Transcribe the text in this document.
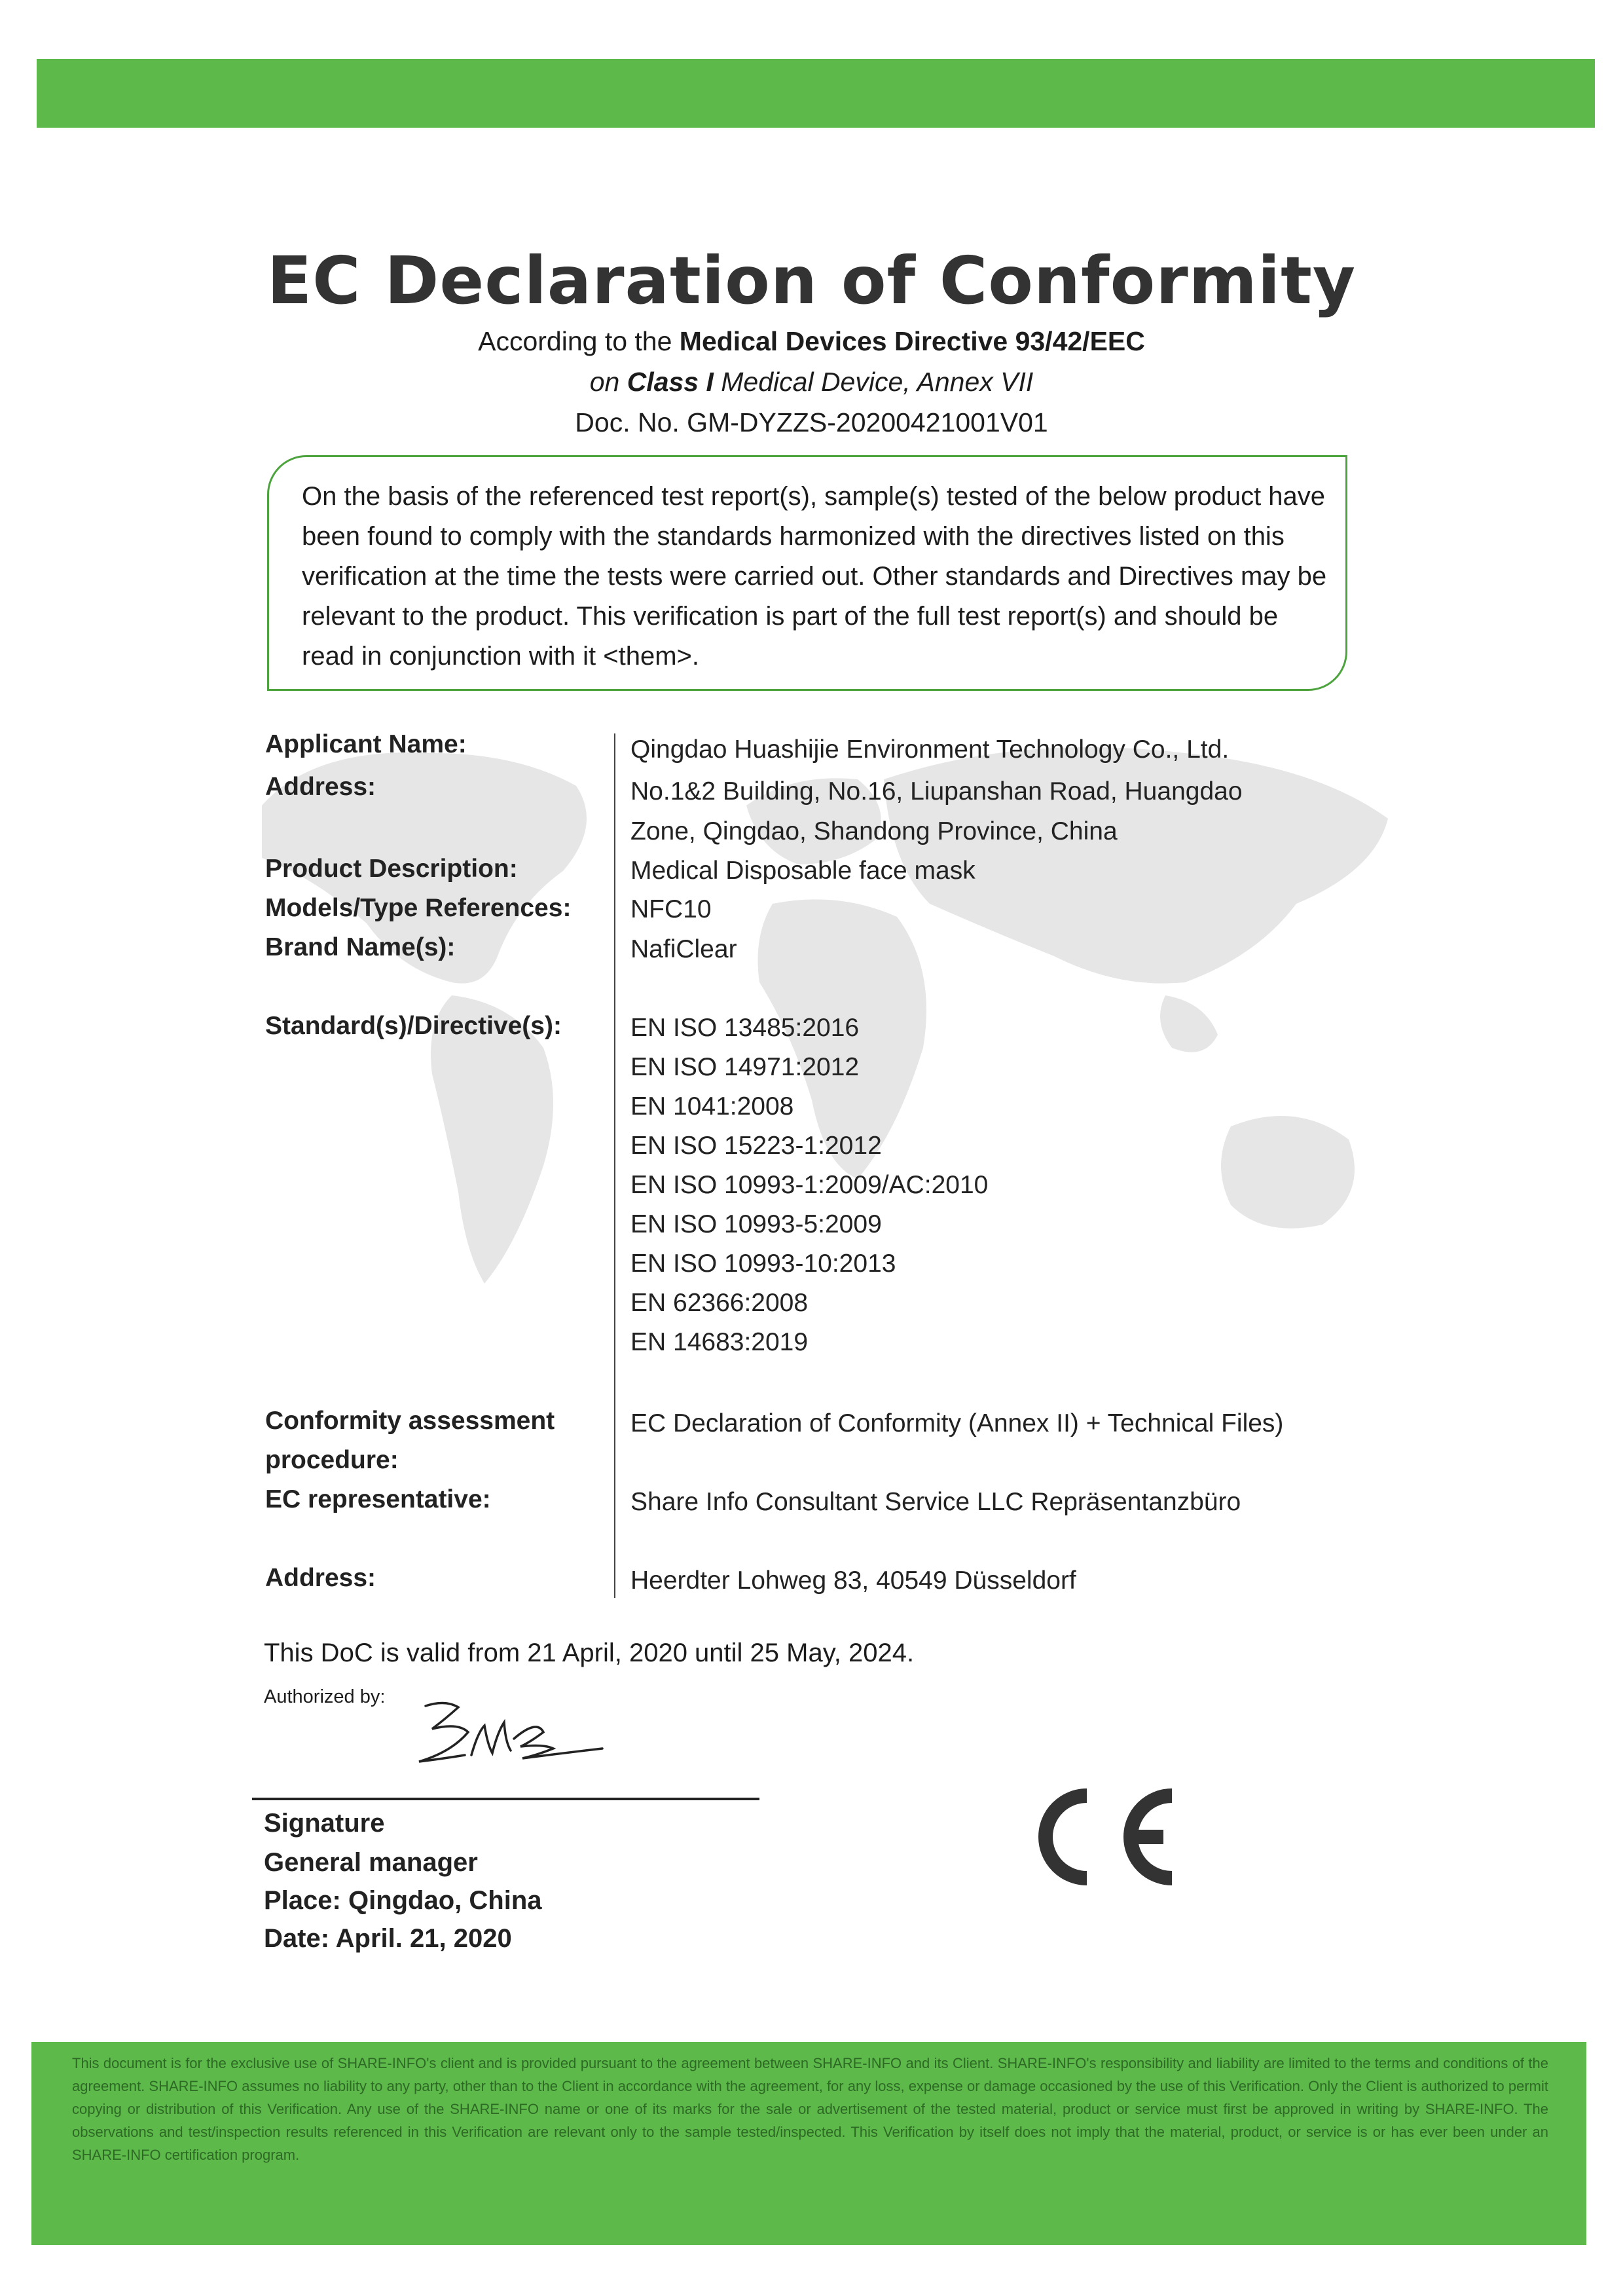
EC Declaration of Conformity
According to the Medical Devices Directive 93/42/EEC
on Class I Medical Device, Annex VII
Doc. No. GM-DYZZS-20200421001V01
On the basis of the referenced test report(s), sample(s) tested of the below product have been found to comply with the standards harmonized with the directives listed on this verification at the time the tests were carried out. Other standards and Directives may be relevant to the product. This verification is part of the full test report(s) and should be read in conjunction with it <them>.
Applicant Name:	Qingdao Huashijie Environment Technology Co., Ltd.
Address:	No.1&2 Building, No.16, Liupanshan Road, Huangdao
Zone, Qingdao, Shandong Province, China
Product Description:	Medical Disposable face mask
Models/Type References: NFC10
Brand Name(s):	NafiClear
Standard(s)/Directive(s):	EN ISO 13485:2016
EN ISO 14971:2012
EN 1041:2008
EN ISO 15223-1:2012
EN ISO 10993-1:2009/AC:2010
EN ISO 10993-5:2009
EN ISO 10993-10:2013
EN 62366:2008
EN 14683:2019
Conformity assessment
procedure:
EC Declaration of Conformity (Annex II) + Technical Files)
EC representative:	Share Info Consultant Service LLC Repräsentanzbüro
Address:	Heerdter Lohweg 83, 40549 Düsseldorf
This DoC is valid from 21 April, 2020 until 25 May, 2024.
Authorized by:
Signature
General manager
Place: Qingdao, China
Date: April. 21, 2020
This document is for the exclusive use of SHARE-INFO's client and is provided pursuant to the agreement between SHARE-INFO and its Client. SHARE-INFO's responsibility and liability are limited to the terms and conditions of the agreement. SHARE-INFO assumes no liability to any party, other than to the Client in accordance with the agreement, for any loss, expense or damage occasioned by the use of this Verification. Only the Client is authorized to permit copying or distribution of this Verification. Any use of the SHARE-INFO name or one of its marks for the sale or advertisement of the tested material, product or service must first be approved in writing by SHARE-INFO. The observations and test/inspection results referenced in this Verification are relevant only to the sample tested/inspected. This Verification by itself does not imply that the material, product, or service is or has ever been under an SHARE-INFO certification program.
